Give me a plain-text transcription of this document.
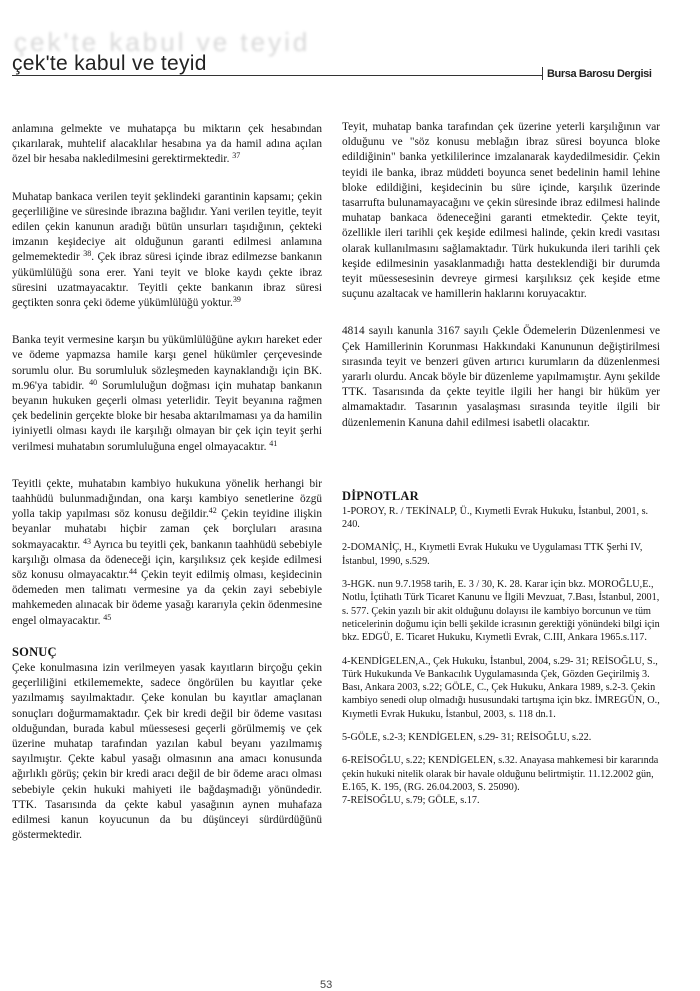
çek'te kabul ve teyid
çek'te kabul ve teyid	Bursa Barosu Dergisi

anlamına gelmekte ve muhatapça bu miktarın çek hesabından çıkarılarak, muhtelif alacaklılar hesabına ya da hamil adına açılan özel bir hesaba nakledilmesini gerektirmektedir. $^{37}$

Muhatap bankaca verilen teyit şeklindeki garantinin kapsamı; çekin geçerliliğine ve süresinde ibrazına bağlıdır. Yani verilen teyitle, teyit edilen çekin kanunun aradığı bütün unsurları taşıdığının, çekteki imzanın keşideciye ait olduğunun garanti edilmesi anlamına gelmemektedir $^{38}$. Çek ibraz süresi içinde ibraz edilmezse bankanın yükümlülüğü sona erer. Yani teyit ve bloke kaydı çekte ibraz süresini uzatmayacaktır. Teyitli çekte bankanın ibraz süresi geçtikten sonra çeki ödeme yükümlülüğü yoktur.$^{39}$

Banka teyit vermesine karşın bu yükümlülüğüne aykırı hareket eder ve ödeme yapmazsa hamile karşı genel hükümler çerçevesinde sorumlu olur. Bu sorumluluk sözleşmeden kaynaklandığı için BK. m.96'ya tabidir. $^{40}$ Sorumluluğun doğması için muhatap bankanın beyanın hukuken geçerli olması yeterlidir. Teyit beyanına rağmen çek bedelinin gerçekte bloke bir hesaba aktarılmaması ya da hamilin iyiniyetli olması kaydı ile karşılığı olmayan bir çek için teyit şerhi verilmesi muhatabın sorumluluğuna engel olmayacaktır. $^{41}$

Teyitli çekte, muhatabın kambiyo hukukuna yönelik herhangi bir taahhüdü bulunmadığından, ona karşı kambiyo senetlerine özgü yolla takip yapılması söz konusu değildir.$^{42}$ Çekin teyidine ilişkin beyanlar muhatabı hiçbir zaman çek borçluları arasına sokmayacaktır. $^{43}$ Ayrıca bu teyitli çek, bankanın taahhüdü sebebiyle karşılığı olmasa da ödeneceği için, karşılıksız çek keşide edilmesi söz konusu olmayacaktır.$^{44}$ Çekin teyit edilmiş olması, keşidecinin ödemeden men talimatı vermesine ya da çekin zayi sebebiyle mahkemeden alınacak bir ödeme yasağı kararıyla çekin ödenmesine engel olmayacaktır. $^{45}$

SONUÇ

Çeke konulmasına izin verilmeyen yasak kayıtların birçoğu çekin geçerliliğini etkilememekte, sadece öngörülen bu kayıtlar çeke yazılmamış sayılmaktadır. Çeke konulan bu kayıtlar amaçlanan sonuçları doğurmamaktadır. Çek bir kredi değil bir ödeme vasıtası olduğundan, burada kabul müessesesi geçerli görülmemiş ve çek üzerine muhatap tarafından yazılan kabul beyanı yazılmamış sayılmıştır. Çekte kabul yasağı olmasının ana amacı konusunda ağırlıklı görüş; çekin bir kredi aracı değil de bir ödeme aracı olması sebebiyle çekin hukuki mahiyeti ile bağdaşmadığı yönündedir. TTK. Tasarısında da çekte kabul yasağının aynen muhafaza edilmesi kanun koyucunun da bu düşünceyi sürdürdüğünü göstermektedir.

Teyit, muhatap banka tarafından çek üzerine yeterli karşılığının var olduğunu ve "söz konusu meblağın ibraz süresi boyunca bloke edildiğinin" banka yetkililerince imzalanarak kaydedilmesidir. Çekin teyidi ile banka, ibraz müddeti boyunca senet bedelinin hamil lehine bloke edildiğini, keşidecinin bu süre içinde, karşılık üzerinde tasarrufta bulunamayacağını ve çekin süresinde ibraz edilmesi halinde muhatap bankaca ödeneceğini garanti etmektedir. Çekte teyit, özellikle ileri tarihli çek keşide edilmesi halinde, çekin kredi vasıtası olarak kullanılmasını sağlamaktadır. Türk hukukunda ileri tarihli çek keşide edilmesinin yasaklanmadığı hatta desteklendiği bir durumda teyit müessesesinin devreye girmesi karşılıksız çek keşide etme suçunu azaltacak ve hamillerin haklarını koruyacaktır.

4814 sayılı kanunla 3167 sayılı Çekle Ödemelerin Düzenlenmesi ve Çek Hamillerinin Korunması Hakkındaki Kanununun değiştirilmesi sırasında teyit ve benzeri güven artırıcı kurumların da düzenlenmesi yararlı olurdu. Ancak böyle bir düzenleme yapılmamıştır. Aynı şekilde TTK. Tasarısında da çekte teyitle ilgili her hangi bir hüküm yer almamaktadır. Tasarının yasalaşması sırasında teyitle ilgili bir düzenlemenin Kanuna dahil edilmesi isabetli olacaktır.

DİPNOTLAR

1-POROY, R. / TEKİNALP, Ü., Kıymetli Evrak Hukuku, İstanbul, 2001, s. 240.

2-DOMANİÇ, H., Kıymetli Evrak Hukuku ve Uygulaması TTK Şerhi IV, İstanbul, 1990, s.529.

3-HGK. nun 9.7.1958 tarih, E. 3 / 30, K. 28. Karar için bkz. MOROĞLU,E., Notlu, İçtihatlı Türk Ticaret Kanunu ve İlgili Mevzuat, 7.Bası, İstanbul, 2001, s. 577. Çekin yazılı bir akit olduğunu dolayısı ile kambiyo borcunun ve tüm neticelerinin doğumu için belli şekilde icrasının gerektiği yönündeki bilgi için bkz. EDGÜ, E. Ticaret Hukuku, Kıymetli Evrak, C.III, Ankara 1965.s.117.

4-KENDİGELEN,A., Çek Hukuku, İstanbul, 2004, s.29- 31; REİSOĞLU, S., Türk Hukukunda Ve Bankacılık Uygulamasında Çek, Gözden Geçirilmiş 3. Bası, Ankara 2003, s.22; GÖLE, C., Çek Hukuku, Ankara 1989, s.2-3. Çekin kambiyo senedi olup olmadığı hususundaki tartışma için bkz. İMREGÜN, O., Kıymetli Evrak Hukuku, İstanbul, 2003, s. 118 dn.1.

5-GÖLE, s.2-3; KENDİGELEN, s.29- 31; REİSOĞLU, s.22.

6-REİSOĞLU, s.22; KENDİGELEN, s.32. Anayasa mahkemesi bir kararında çekin hukuki nitelik olarak bir havale olduğunu belirtmiştir. 11.12.2002 gün, E.165, K. 195, (RG. 26.04.2003, S. 25090).

7-REİSOĞLU, s.79; GÖLE, s.17.

53
